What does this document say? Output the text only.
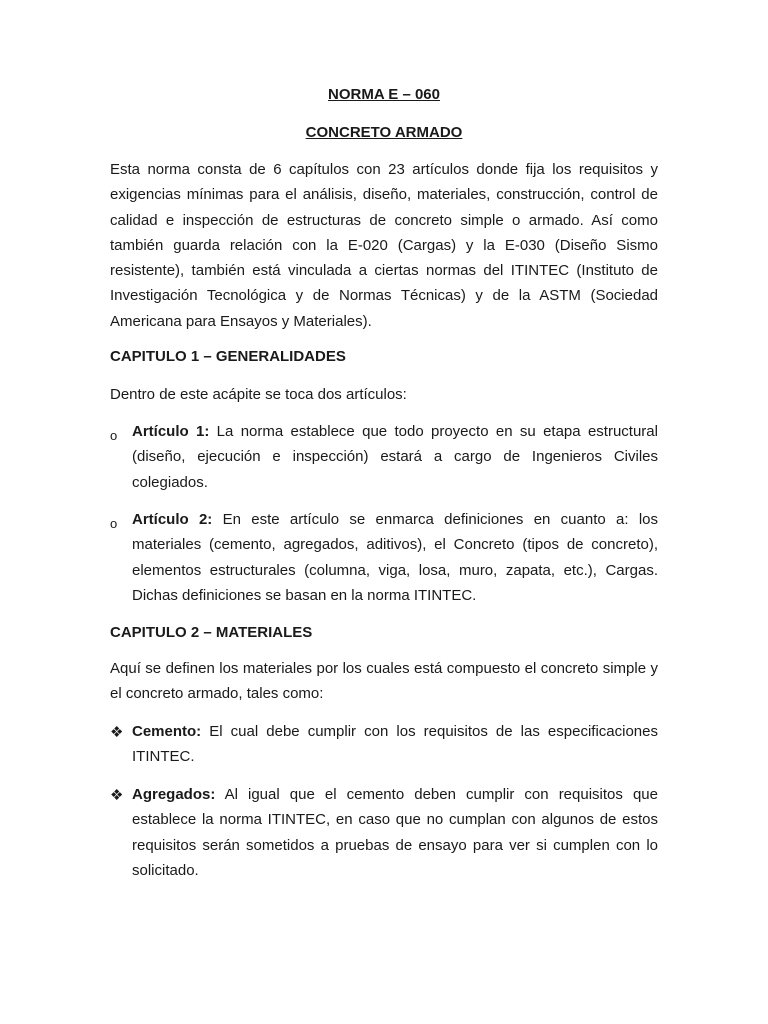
NORMA E – 060
CONCRETO ARMADO

Esta norma consta de 6 capítulos con 23 artículos donde fija los requisitos y exigencias mínimas para el análisis, diseño, materiales, construcción, control de calidad e inspección de estructuras de concreto simple o armado. Así como también guarda relación con la E-020 (Cargas) y la E-030 (Diseño Sismo resistente), también está vinculada a ciertas normas del ITINTEC (Instituto de Investigación Tecnológica y de Normas Técnicas) y de la ASTM (Sociedad Americana para Ensayos y Materiales).

CAPITULO 1 – GENERALIDADES
Dentro de este acápite se toca dos artículos:
o Artículo 1: La norma establece que todo proyecto en su etapa estructural (diseño, ejecución e inspección) estará a cargo de Ingenieros Civiles colegiados.

o Artículo 2: En este artículo se enmarca definiciones en cuanto a: los materiales (cemento, agregados, aditivos), el Concreto (tipos de concreto), elementos estructurales (columna, viga, losa, muro, zapata, etc.), Cargas. Dichas definiciones se basan en la norma ITINTEC.

CAPITULO 2 – MATERIALES

Aquí se definen los materiales por los cuales está compuesto el concreto simple y el concreto armado, tales como:

❖ Cemento: El cual debe cumplir con los requisitos de las especificaciones ITINTEC.

❖ Agregados: Al igual que el cemento deben cumplir con requisitos que establece la norma ITINTEC, en caso que no cumplan con algunos de estos requisitos serán sometidos a pruebas de ensayo para ver si cumplen con lo solicitado.
